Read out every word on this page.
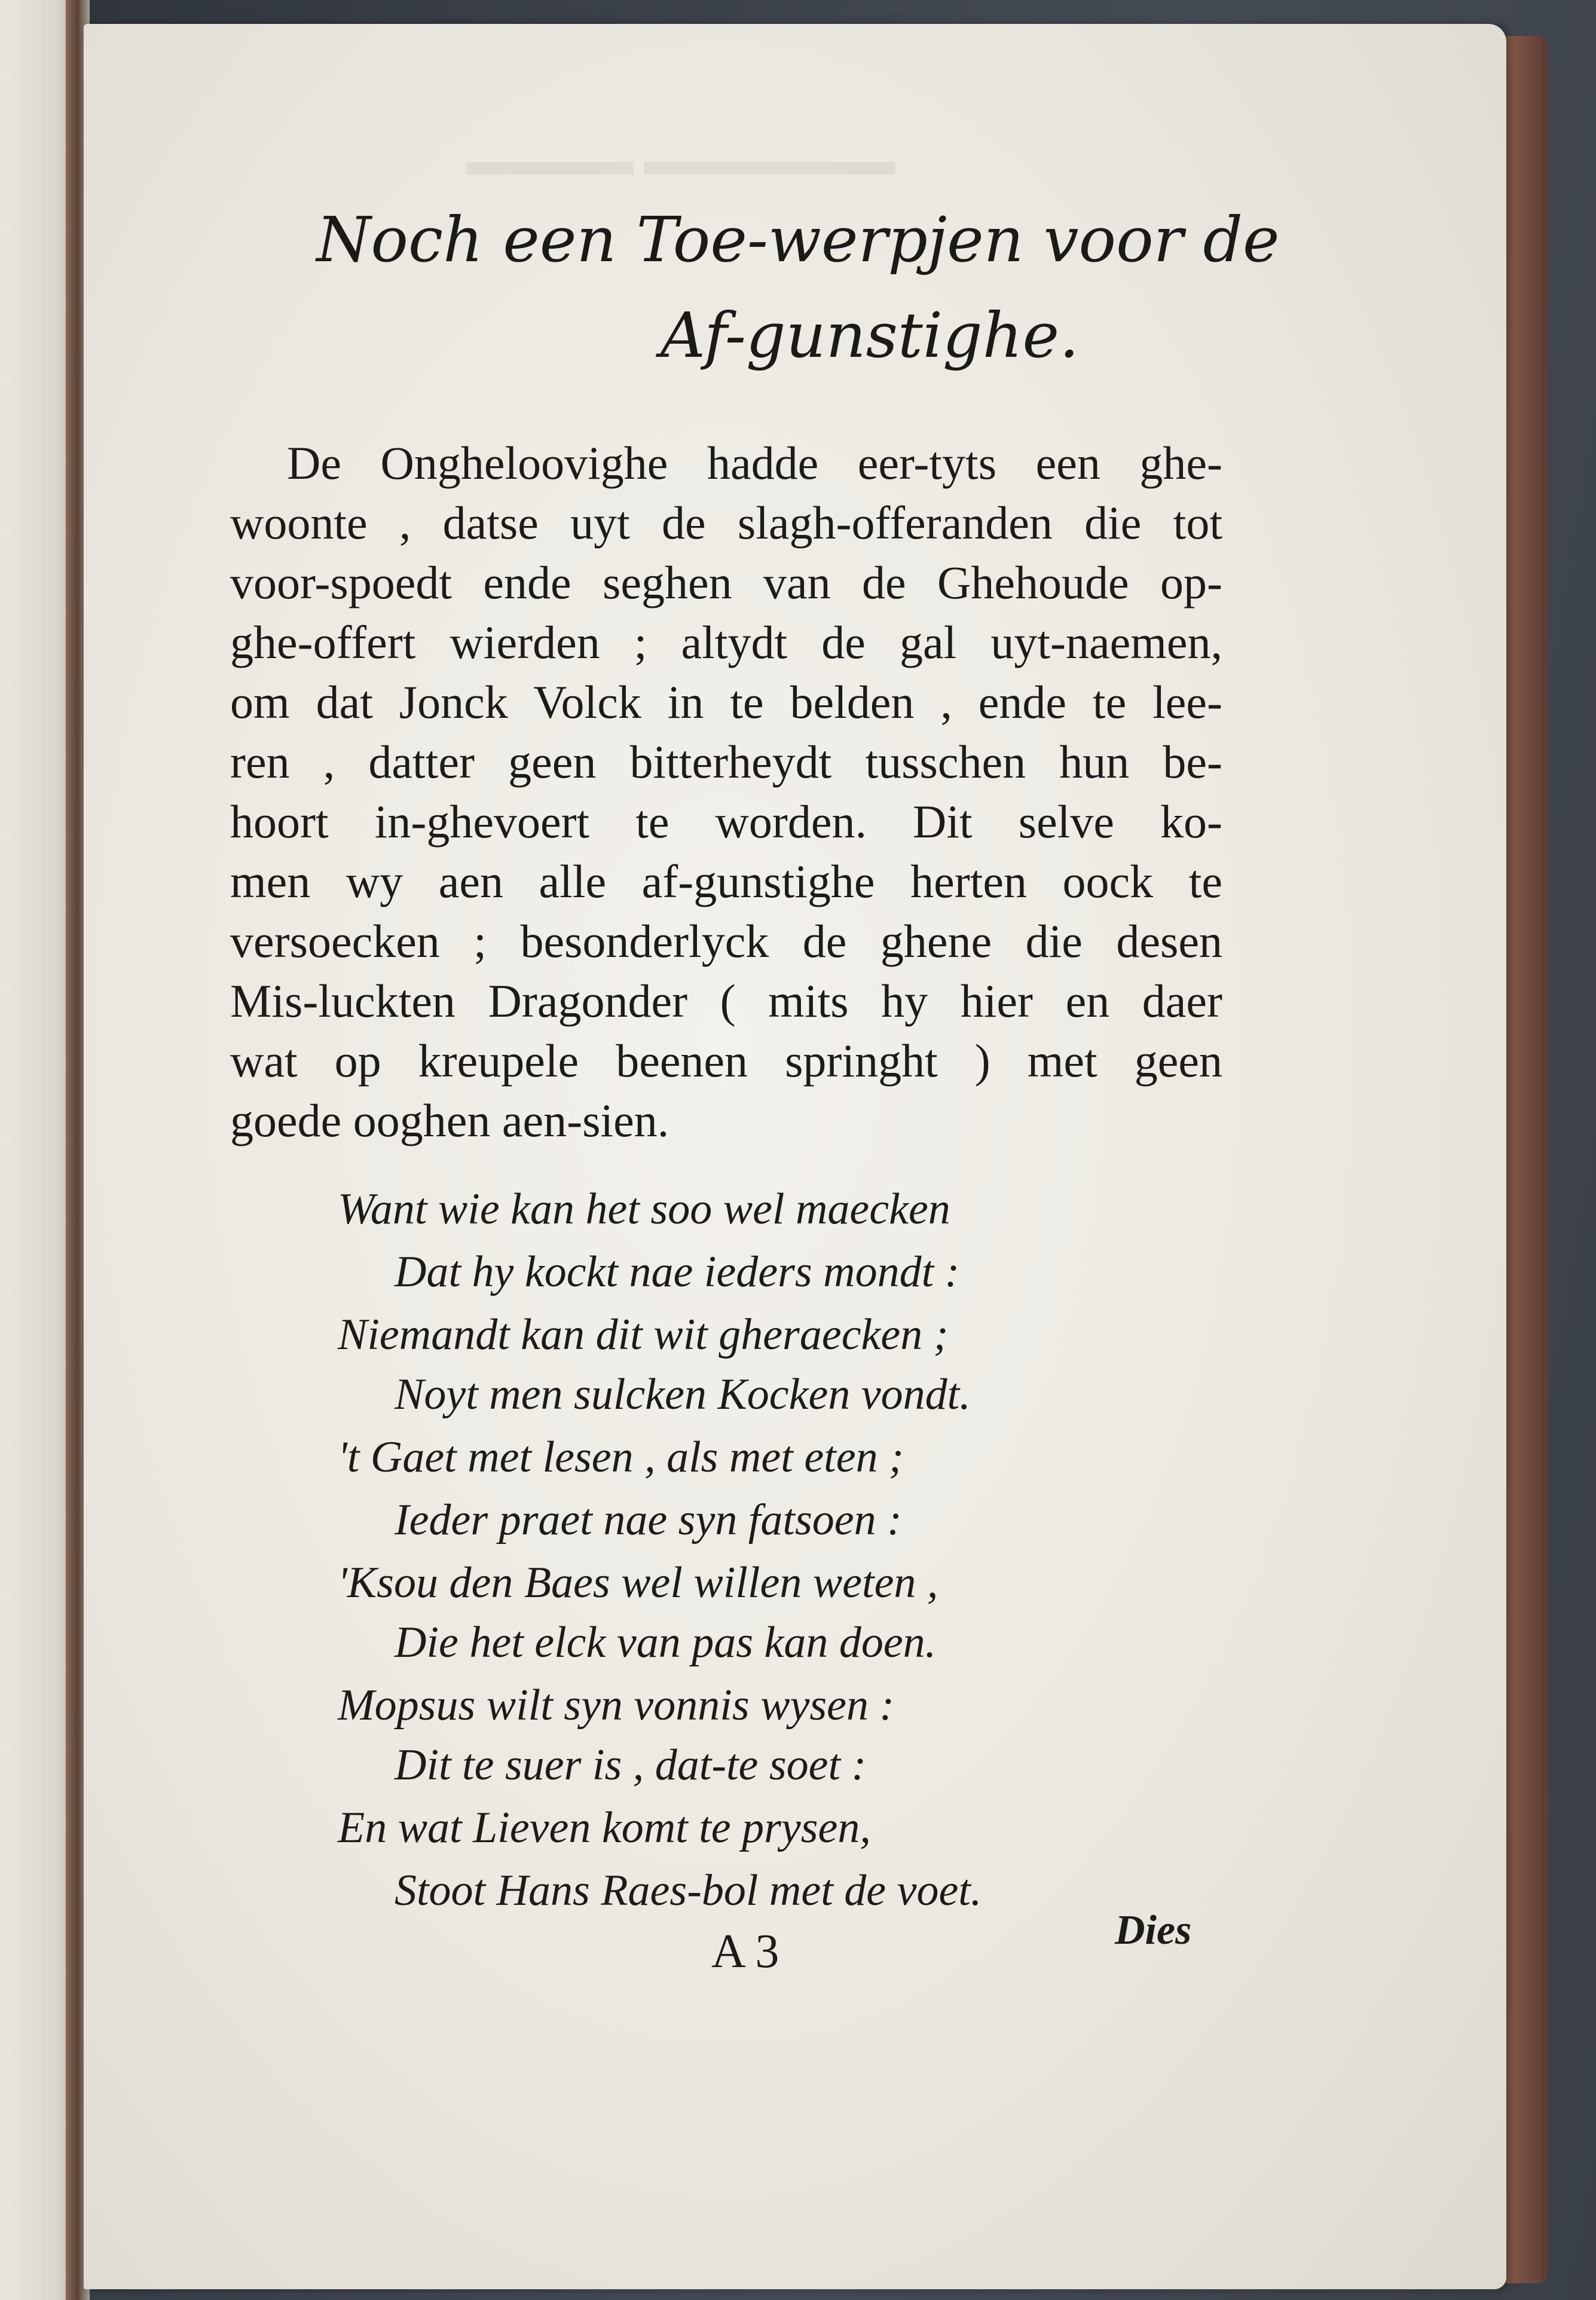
▬▬▬▬ ▬▬▬▬▬▬
Noch een Toe-werpjen voor de
Af-gunstighe.
De Ongheloovighe hadde eer-tyts een ghe-
woonte , datse uyt de slagh-offeranden die tot
voor-spoedt ende seghen van de Ghehoude op-
ghe-offert wierden ; altydt de gal uyt-naemen,
om dat Jonck Volck in te belden , ende te lee-
ren , datter geen bitterheydt tusschen hun be-
hoort in-ghevoert te worden. Dit selve ko-
men wy aen alle af-gunstighe herten oock te
versoecken ; besonderlyck de ghene die desen
Mis-luckten Dragonder ( mits hy hier en daer
wat op kreupele beenen springht ) met geen
goede ooghen aen-sien.
Want wie kan het soo wel maecken
Dat hy kockt nae ieders mondt :
Niemandt kan dit wit gheraecken ;
Noyt men sulcken Kocken vondt.
't Gaet met lesen , als met eten ;
Ieder praet nae syn fatsoen :
'Ksou den Baes wel willen weten ,
Die het elck van pas kan doen.
Mopsus wilt syn vonnis wysen :
Dit te suer is , dat-te soet :
En wat Lieven komt te prysen,
Stoot Hans Raes-bol met de voet.
A 3	Dies
